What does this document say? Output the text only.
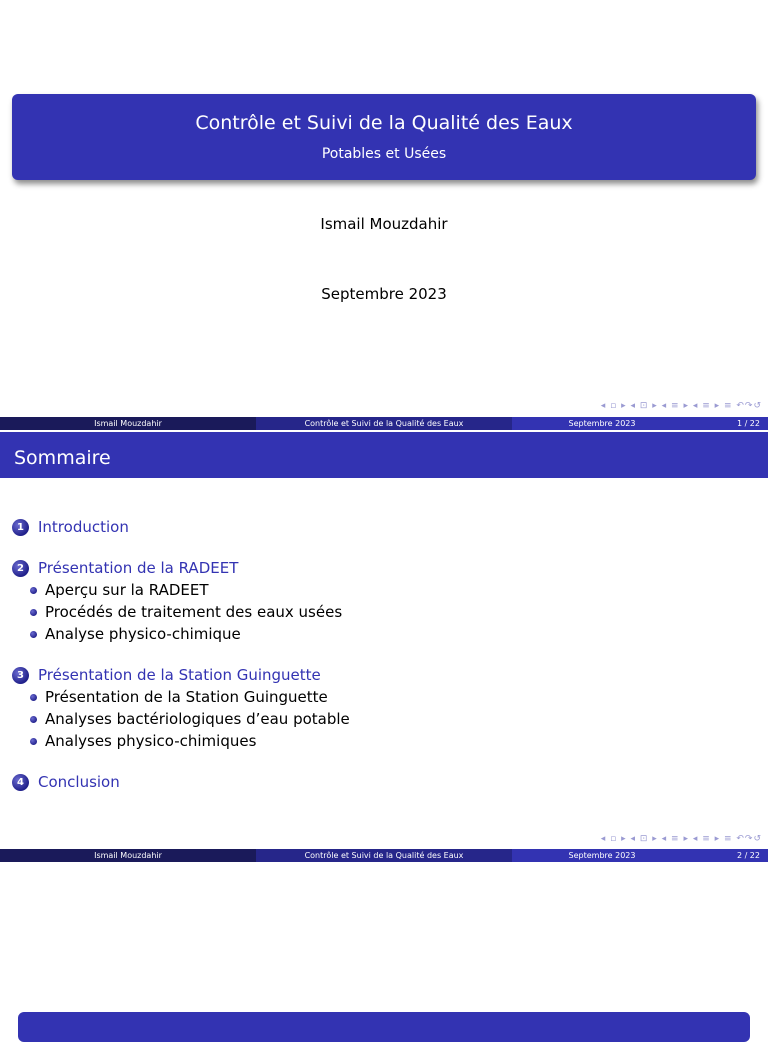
Contrôle et Suivi de la Qualité des Eaux
Potables et Usées
Ismail Mouzdahir
Septembre 2023
◂ ▫ ▸ ◂ ⊡ ▸ ◂ ≡ ▸ ◂ ≡ ▸ ≡ ↶↷↺
Ismail Mouzdahir	Contrôle et Suivi de la Qualité des Eaux	Septembre 2023	1 / 22
Sommaire
1 Introduction
2 Présentation de la RADEET
Aperçu sur la RADEET
Procédés de traitement des eaux usées
Analyse physico-chimique
3 Présentation de la Station Guinguette
Présentation de la Station Guinguette
Analyses bactériologiques d’eau potable
Analyses physico-chimiques
4 Conclusion
◂ ▫ ▸ ◂ ⊡ ▸ ◂ ≡ ▸ ◂ ≡ ▸ ≡ ↶↷↺
Ismail Mouzdahir	Contrôle et Suivi de la Qualité des Eaux	Septembre 2023	2 / 22
